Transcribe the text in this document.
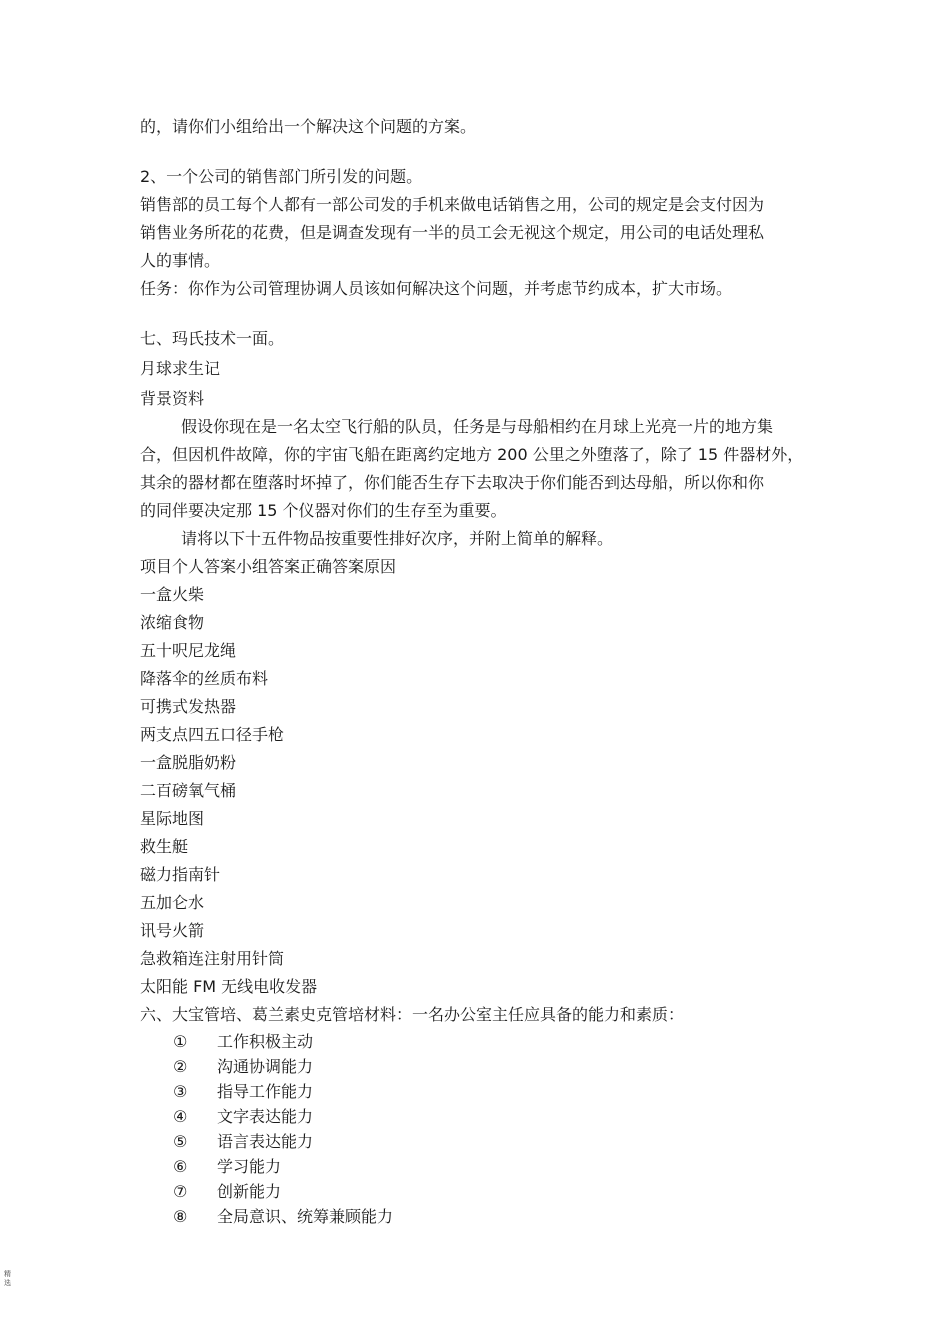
的，请你们小组给出一个解决这个问题的方案。
2、一个公司的销售部门所引发的问题。
销售部的员工每个人都有一部公司发的手机来做电话销售之用，公司的规定是会支付因为
销售业务所花的花费，但是调查发现有一半的员工会无视这个规定，用公司的电话处理私
人的事情。
任务：你作为公司管理协调人员该如何解决这个问题，并考虑节约成本，扩大市场。
七、玛氏技术一面。
月球求生记
背景资料
假设你现在是一名太空飞行船的队员，任务是与母船相约在月球上光亮一片的地方集
合，但因机件故障，你的宇宙飞船在距离约定地方 200 公里之外堕落了，除了 15 件器材外，
其余的器材都在堕落时坏掉了，你们能否生存下去取决于你们能否到达母船，所以你和你
的同伴要决定那 15 个仪器对你们的生存至为重要。
请将以下十五件物品按重要性排好次序，并附上简单的解释。
项目个人答案小组答案正确答案原因
一盒火柴
浓缩食物
五十呎尼龙绳
降落伞的丝质布料
可携式发热器
两支点四五口径手枪
一盒脱脂奶粉
二百磅氧气桶
星际地图
救生艇
磁力指南针
五加仑水
讯号火箭
急救箱连注射用针筒
太阳能 FM 无线电收发器
六、大宝管培、葛兰素史克管培材料：一名办公室主任应具备的能力和素质：
① 工作积极主动
② 沟通协调能力
③ 指导工作能力
④ 文字表达能力
⑤ 语言表达能力
⑥ 学习能力
⑦ 创新能力
⑧ 全局意识、统筹兼顾能力
精选
